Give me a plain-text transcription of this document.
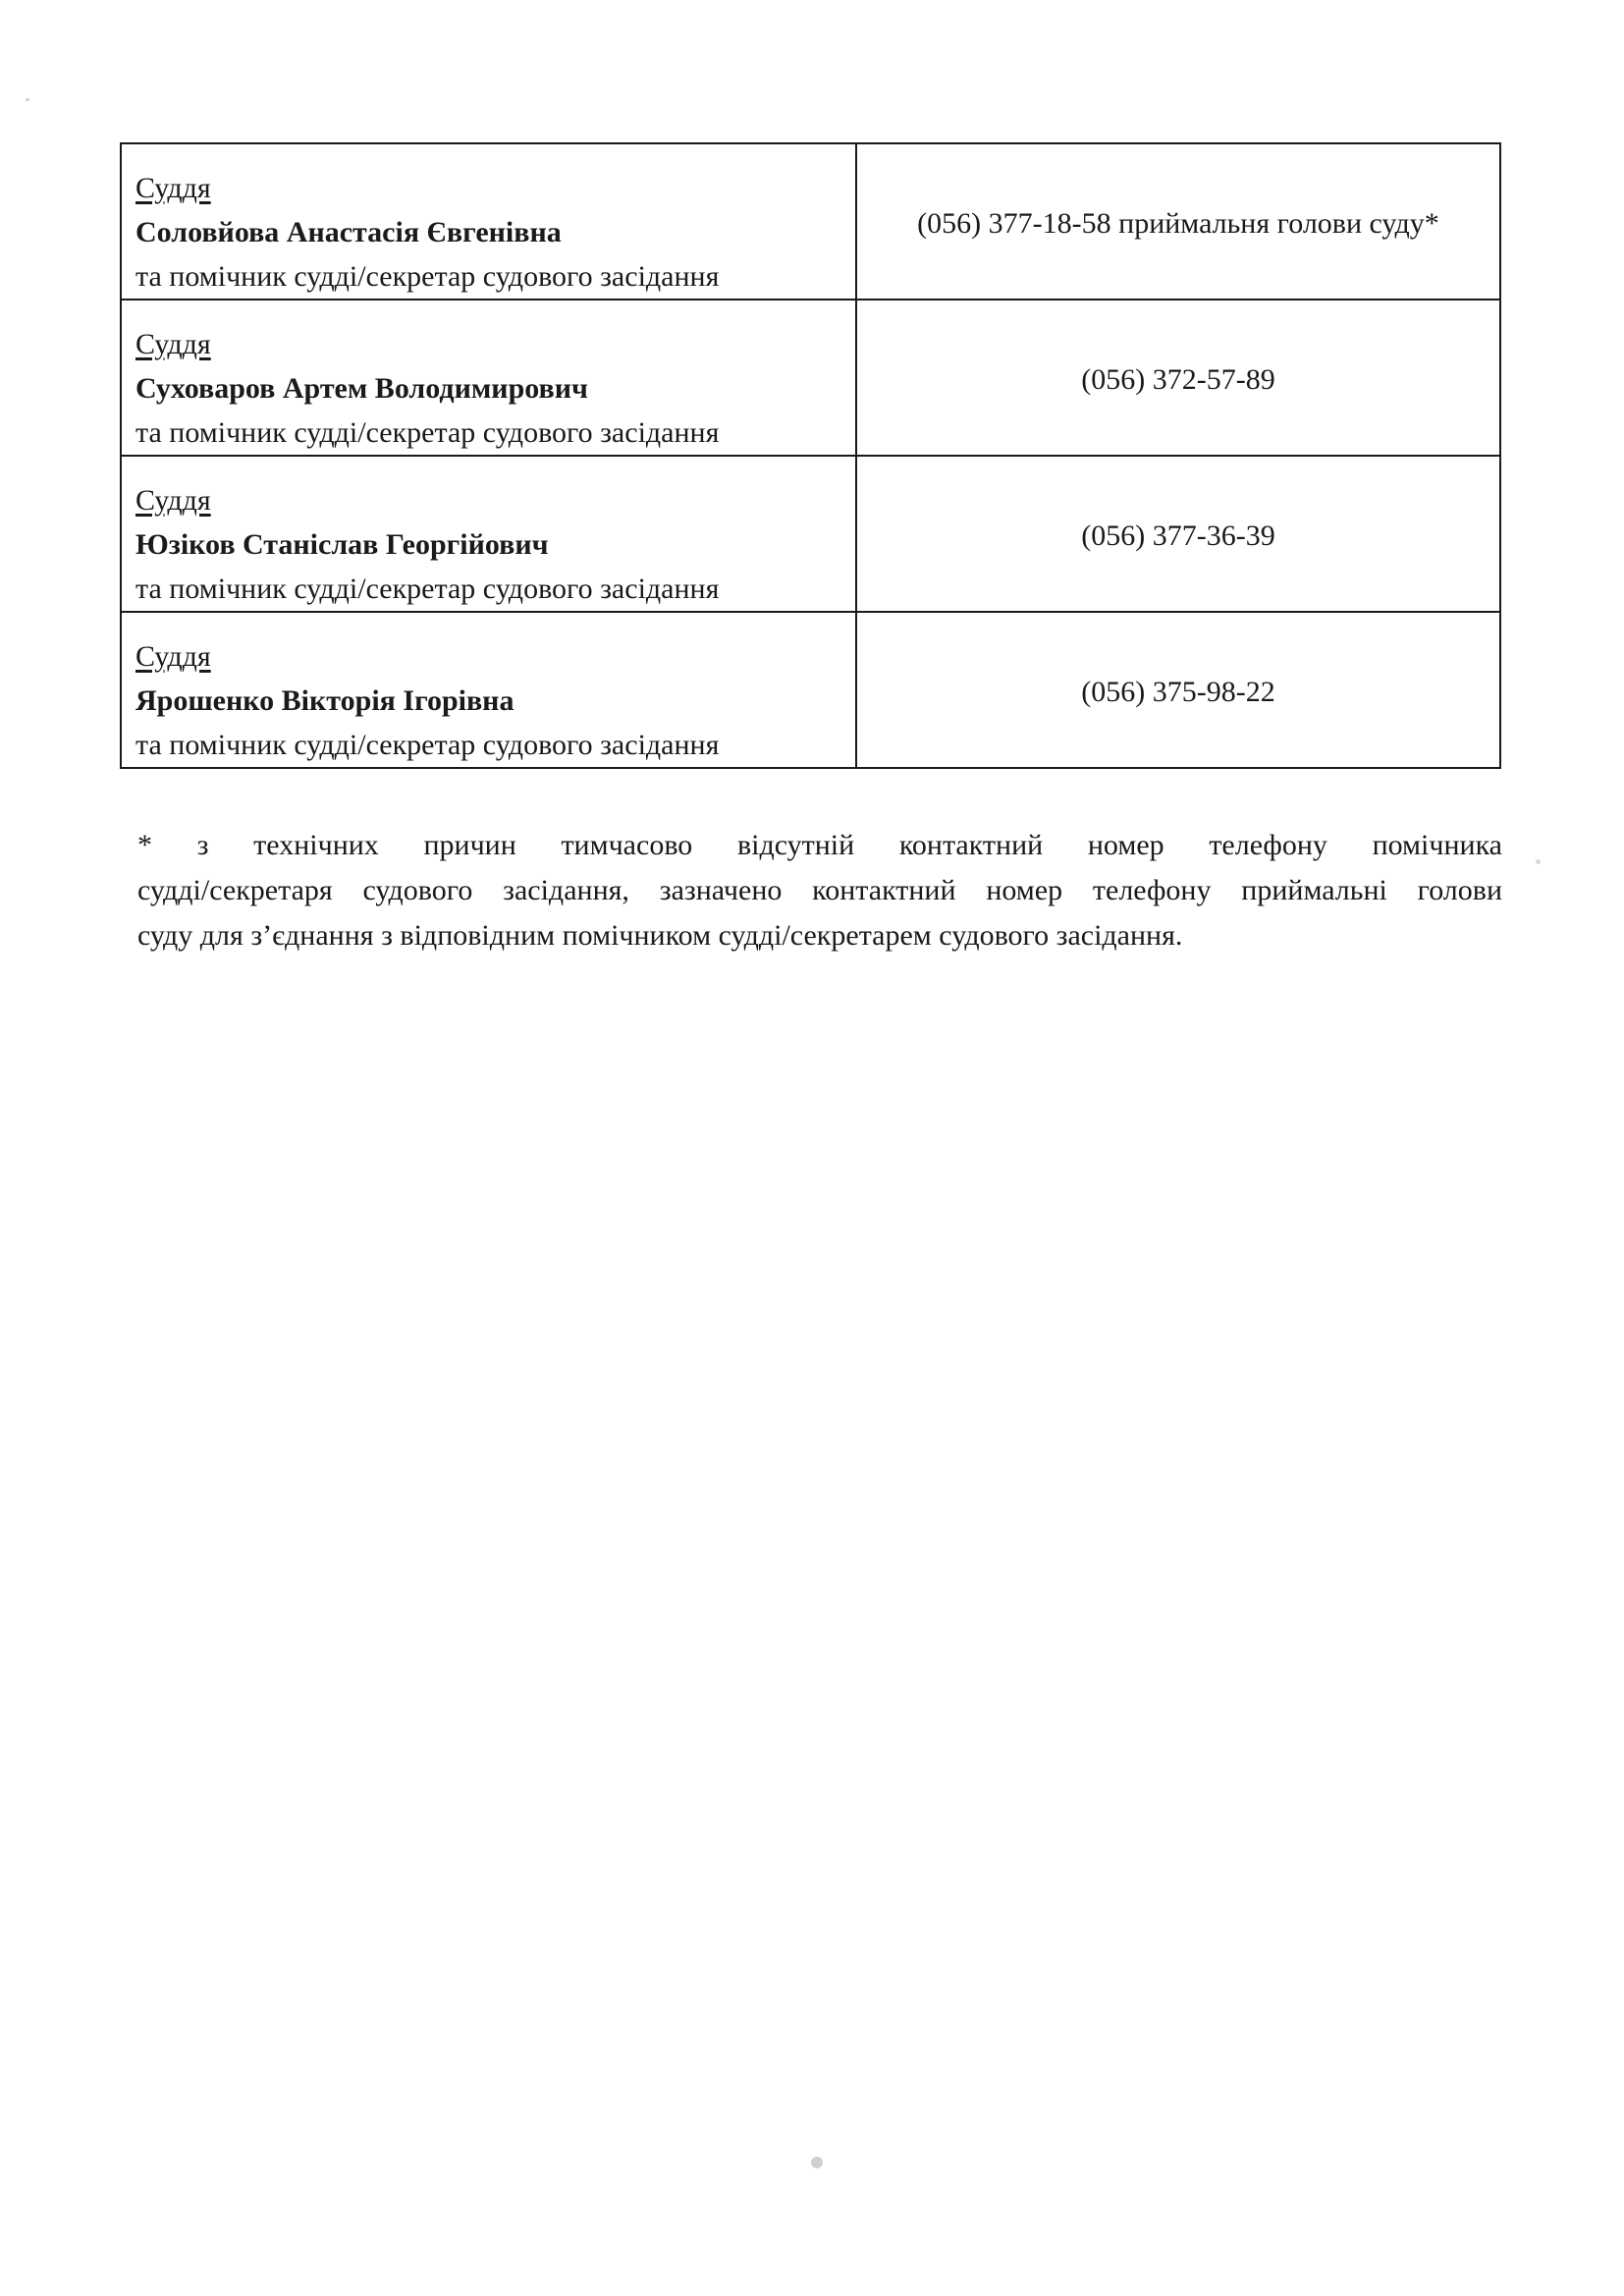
Суддя
Соловйова Анастасія Євгенівна
та помічник судді/секретар судового засідання	(056) 377-18-58 приймальня голови суду*

Суддя
Суховаров Артем Володимирович
та помічник судді/секретар судового засідання	(056) 372-57-89

Суддя
Юзіков Станіслав Георгійович
та помічник судді/секретар судового засідання	(056) 377-36-39

Суддя
Ярошенко Вікторія Ігорівна
та помічник судді/секретар судового засідання	(056) 375-98-22
* з технічних причин тимчасово відсутній контактний номер телефону помічника
судді/секретаря судового засідання, зазначено контактний номер телефону приймальні голови
суду для з’єднання з відповідним помічником судді/секретарем судового засідання.
